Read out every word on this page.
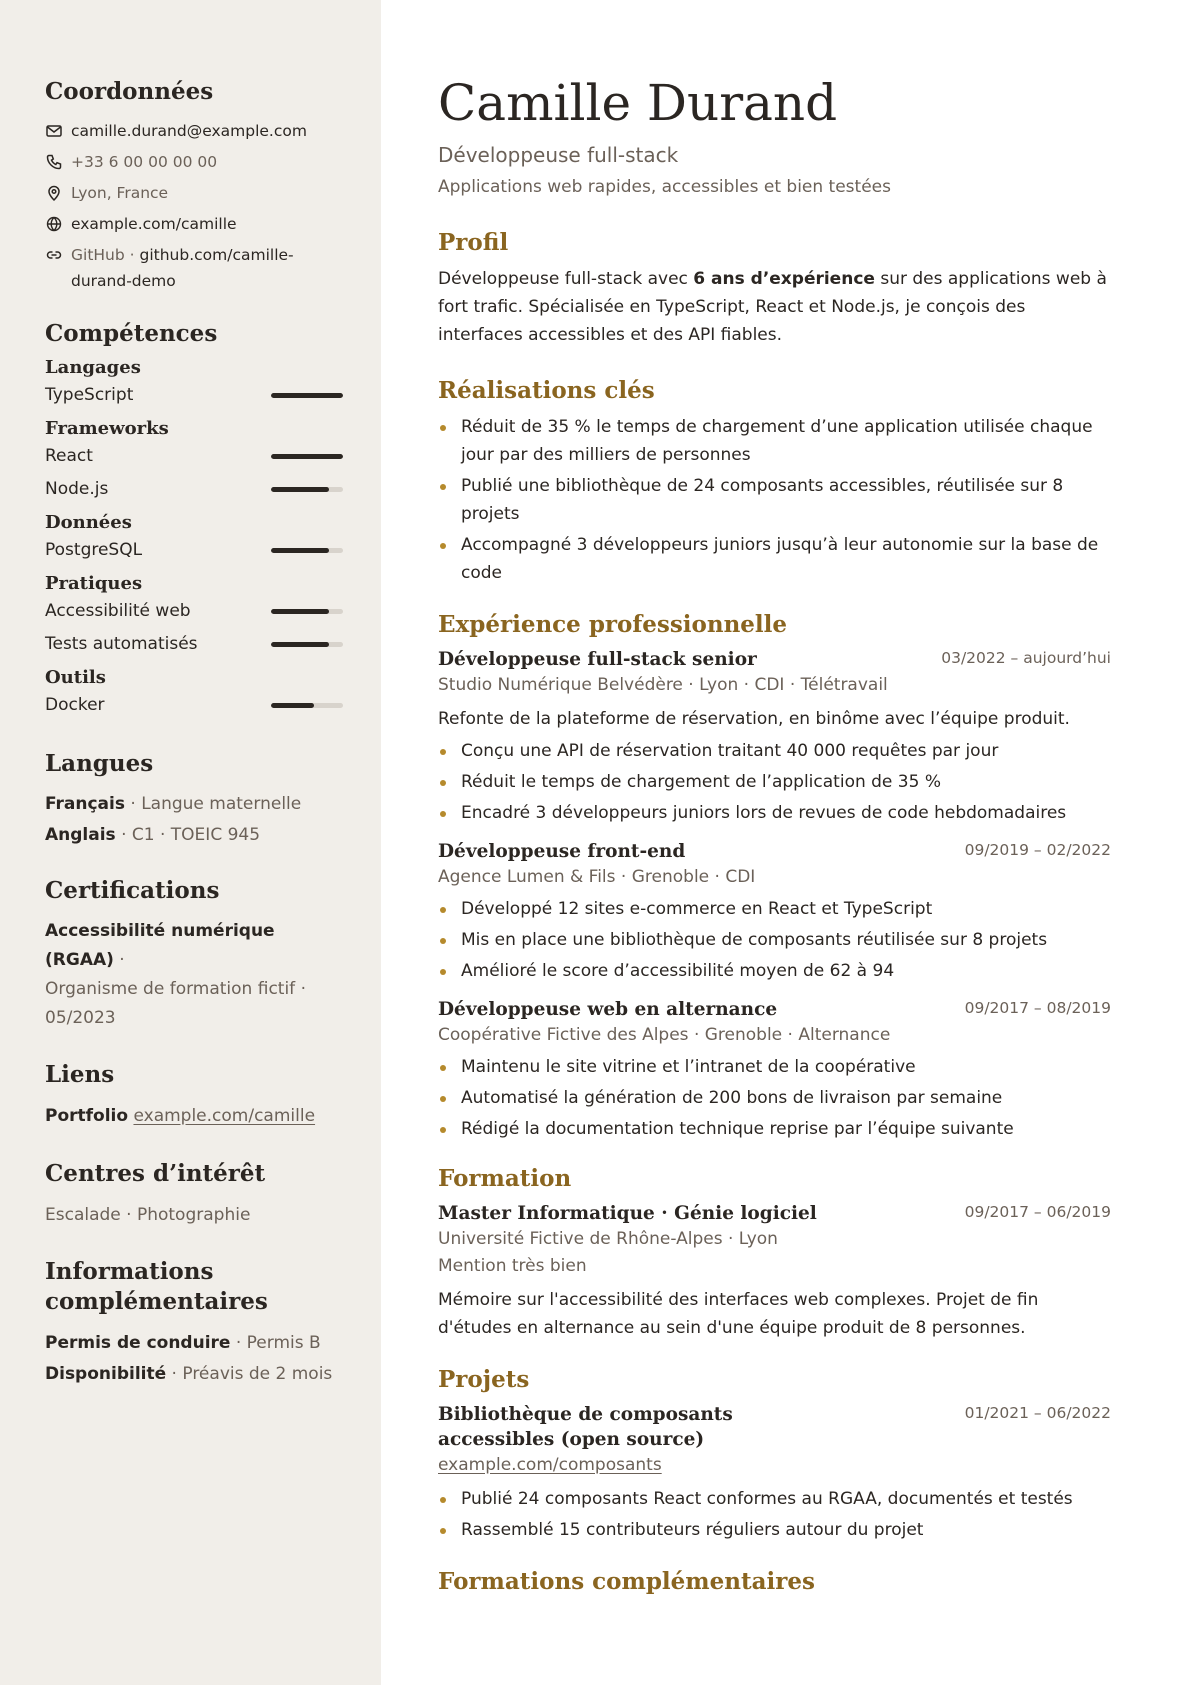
Coordonnées
camille.durand@example.com
+33 6 00 00 00 00
Lyon, France
example.com/camille
GitHub · github.com/camille-
durand-demo
Compétences
Langages
TypeScript
Frameworks
React
Node.js
Données
PostgreSQL
Pratiques
Accessibilité web
Tests automatisés
Outils
Docker
Langues
Français · Langue maternelle
Anglais · C1 · TOEIC 945
Certifications
Accessibilité numérique (RGAA) ·
Organisme de formation fictif ·
05/2023
Liens
Portfolio example.com/camille
Centres d’intérêt
Escalade · Photographie
Informations
complémentaires
Permis de conduire · Permis B
Disponibilité · Préavis de 2 mois
Camille Durand
Développeuse full-stack
Applications web rapides, accessibles et bien testées
Profil

Développeuse full-stack avec 6 ans d’expérience sur des applications web à fort trafic. Spécialisée en TypeScript, React et Node.js, je conçois des interfaces accessibles et des API fiables.

Réalisations clés
Réduit de 35 % le temps de chargement d’une application utilisée chaque jour par des milliers de personnes
Publié une bibliothèque de 24 composants accessibles, réutilisée sur 8 projets
Accompagné 3 développeurs juniors jusqu’à leur autonomie sur la base de code
Expérience professionnelle
Développeuse full-stack senior	03/2022 – aujourd’hui
Studio Numérique Belvédère · Lyon · CDI · Télétravail

Refonte de la plateforme de réservation, en binôme avec l’équipe produit.

Conçu une API de réservation traitant 40 000 requêtes par jour
Réduit le temps de chargement de l’application de 35 %
Encadré 3 développeurs juniors lors de revues de code hebdomadaires
Développeuse front-end	09/2019 – 02/2022
Agence Lumen & Fils · Grenoble · CDI
Développé 12 sites e-commerce en React et TypeScript
Mis en place une bibliothèque de composants réutilisée sur 8 projets
Amélioré le score d’accessibilité moyen de 62 à 94
Développeuse web en alternance	09/2017 – 08/2019
Coopérative Fictive des Alpes · Grenoble · Alternance
Maintenu le site vitrine et l’intranet de la coopérative
Automatisé la génération de 200 bons de livraison par semaine
Rédigé la documentation technique reprise par l’équipe suivante
Formation
Master Informatique · Génie logiciel	09/2017 – 06/2019
Université Fictive de Rhône-Alpes · Lyon
Mention très bien

Mémoire sur l'accessibilité des interfaces web complexes. Projet de fin d'études en alternance au sein d'une équipe produit de 8 personnes.

Projets
Bibliothèque de composants
accessibles (open source)
01/2021 – 06/2022
example.com/composants
Publié 24 composants React conformes au RGAA, documentés et testés
Rassemblé 15 contributeurs réguliers autour du projet
Formations complémentaires
